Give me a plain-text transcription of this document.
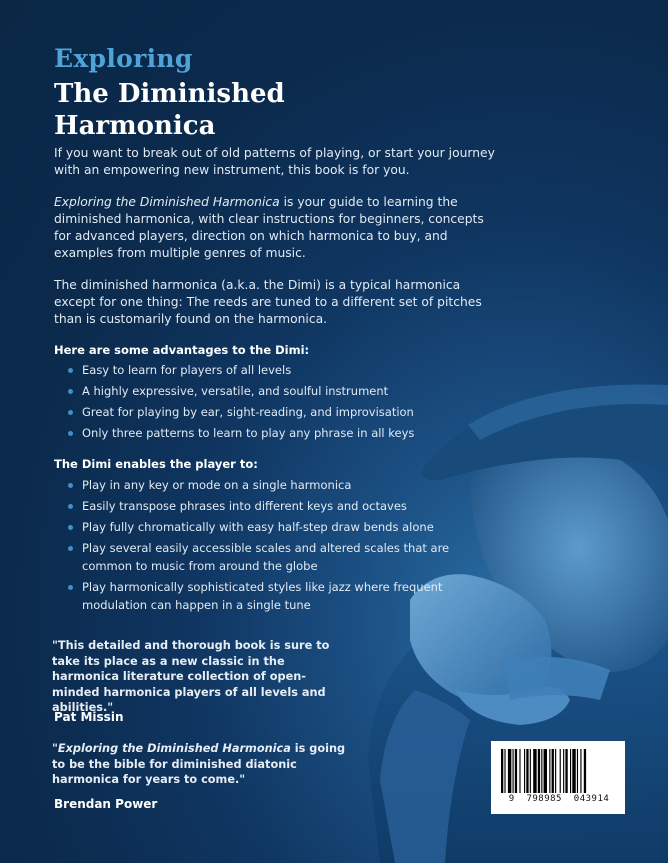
Exploring
The Diminished Harmonica

If you want to break out of old patterns of playing, or start your journey with an empowering new instrument, this book is for you.

Exploring the Diminished Harmonica is your guide to learning the diminished harmonica, with clear instructions for beginners, concepts for advanced players, direction on which harmonica to buy, and examples from multiple genres of music.

The diminished harmonica (a.k.a. the Dimi) is a typical harmonica except for one thing: The reeds are tuned to a different set of pitches than is customarily found on the harmonica.

Here are some advantages to the Dimi:

Easy to learn for players of all levels
A highly expressive, versatile, and soulful instrument
Great for playing by ear, sight-reading, and improvisation
Only three patterns to learn to play any phrase in all keys

The Dimi enables the player to:

Play in any key or mode on a single harmonica
Easily transpose phrases into different keys and octaves
Play fully chromatically with easy half-step draw bends alone
Play several easily accessible scales and altered scales that are common to music from around the globe
Play harmonically sophisticated styles like jazz where frequent modulation can happen in a single tune

"This detailed and thorough book is sure to take its place as a new classic in the harmonica literature collection of open-minded harmonica players of all levels and abilities."

Pat Missin

"Exploring the Diminished Harmonica is going to be the bible for diminished diatonic harmonica for years to come."

Brendan Power	9  798985  043914
